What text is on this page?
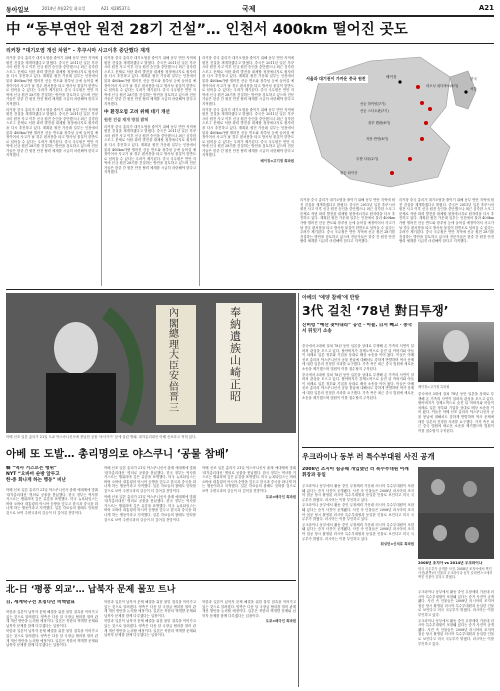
동아일보	2014년 4월22일 화요일	A21 제28537호	국제	A21
中 “동부연안 원전 28기 건설”… 인천서 400km 떨어진 곳도
리커창 “대기오염 개선 차원” – 후쿠시마 사고이후 중단했다 재개

리커창 중국 총리가 대기오염을 줄이기 위해 동부 연안 지역에 원전 건설을 재개하겠다고 밝혔다. 중국은 2011년 일본 후쿠시마 원전 사고 이후 신규 원전 승인을 중단했으나 최근 심각한 스모그 문제로 석탄 화력 발전을 대체할 청정에너지로 원자력을 다시 추진하고 있다. 계획된 원전 가운데 일부는 인천에서 불과 400km가량 떨어진 산둥 반도와 장쑤성 등에 들어설 예정이어서 사고가 날 경우 편서풍을 타고 방사성 물질이 한반도로 넘어올 수 있다는 우려가 제기된다. 중국 국무원은 연안 지역에 신규 원전 28기를 건설하는 방안을 검토하고 있으며 전문가들은 한중 간 원전 안전 협력 체계를 시급히 마련해야 한다고 지적했다.

리커창 중국 총리가 대기오염을 줄이기 위해 동부 연안 지역에 원전 건설을 재개하겠다고 밝혔다. 중국은 2011년 일본 후쿠시마 원전 사고 이후 신규 원전 승인을 중단했으나 최근 심각한 스모그 문제로 석탄 화력 발전을 대체할 청정에너지로 원자력을 다시 추진하고 있다. 계획된 원전 가운데 일부는 인천에서 불과 400km가량 떨어진 산둥 반도와 장쑤성 등에 들어설 예정이어서 사고가 날 경우 편서풍을 타고 방사성 물질이 한반도로 넘어올 수 있다는 우려가 제기된다. 중국 국무원은 연안 지역에 신규 원전 28기를 건설하는 방안을 검토하고 있으며 전문가들은 한중 간 원전 안전 협력 체계를 시급히 마련해야 한다고 지적했다.

리커창 중국 총리가 대기오염을 줄이기 위해 동부 연안 지역에 원전 건설을 재개하겠다고 밝혔다. 중국은 2011년 일본 후쿠시마 원전 사고 이후 신규 원전 승인을 중단했으나 최근 심각한 스모그 문제로 석탄 화력 발전을 대체할 청정에너지로 원자력을 다시 추진하고 있다. 계획된 원전 가운데 일부는 인천에서 불과 400km가량 떨어진 산둥 반도와 장쑤성 등에 들어설 예정이어서 사고가 날 경우 편서풍을 타고 방사성 물질이 한반도로 넘어올 수 있다는 우려가 제기된다. 중국 국무원은 연안 지역에 신규 원전 28기를 건설하는 방안을 검토하고 있으며 전문가들은 한중 간 원전 안전 협력 체계를 시급히 마련해야 한다고 지적했다.

中 환경오염 고려 위해 대기 개선
원전 건설 재개 방침 밝혀

리커창 중국 총리가 대기오염을 줄이기 위해 동부 연안 지역에 원전 건설을 재개하겠다고 밝혔다. 중국은 2011년 일본 후쿠시마 원전 사고 이후 신규 원전 승인을 중단했으나 최근 심각한 스모그 문제로 석탄 화력 발전을 대체할 청정에너지로 원자력을 다시 추진하고 있다. 계획된 원전 가운데 일부는 인천에서 불과 400km가량 떨어진 산둥 반도와 장쑤성 등에 들어설 예정이어서 사고가 날 경우 편서풍을 타고 방사성 물질이 한반도로 넘어올 수 있다는 우려가 제기된다. 중국 국무원은 연안 지역에 신규 원전 28기를 건설하는 방안을 검토하고 있으며 전문가들은 한중 간 원전 안전 협력 체계를 시급히 마련해야 한다고 지적했다.

리커창 중국 총리가 대기오염을 줄이기 위해 동부 연안 지역에 원전 건설을 재개하겠다고 밝혔다. 중국은 2011년 일본 후쿠시마 원전 사고 이후 신규 원전 승인을 중단했으나 최근 심각한 스모그 문제로 석탄 화력 발전을 대체할 청정에너지로 원자력을 다시 추진하고 있다. 계획된 원전 가운데 일부는 인천에서 불과 400km가량 떨어진 산둥 반도와 장쑤성 등에 들어설 예정이어서 사고가 날 경우 편서풍을 타고 방사성 물질이 한반도로 넘어올 수 있다는 우려가 제기된다. 중국 국무원은 연안 지역에 신규 원전 28기를 건설하는 방안을 검토하고 있으며 전문가들은 한중 간 원전 안전 협력 체계를 시급히 마련해야 한다고 지적했다.

리커창 중국 총리가 대기오염을 줄이기 위해 동부 연안 지역에 원전 건설을 재개하겠다고 밝혔다. 중국은 2011년 일본 후쿠시마 원전 사고 이후 신규 원전 승인을 중단했으나 최근 심각한 스모그 문제로 석탄 화력 발전을 대체할 청정에너지로 원자력을 다시 추진하고 있다. 계획된 원전 가운데 일부는 인천에서 불과 400km가량 떨어진 산둥 반도와 장쑤성 등에 들어설 예정이어서 사고가 날 경우 편서풍을 타고 방사성 물질이 한반도로 넘어올 수 있다는 우려가 제기된다. 중국 국무원은 연안 지역에 신규 원전 28기를 건설하는 방안을 검토하고 있으며 전문가들은 한중 간 원전 안전 협력 체계를 시급히 마련해야 한다고 지적했다.

베이징=고기정 특파원

서울과 대기권이 가까운 중국 원전	베이징	한국
서울
랴오닝 쉬다바오(6기)
산둥 하이양(7기)
산둥 스다오완(7기)
장쑤 톈완(6기)
저장 싼먼(6기)
푸젠 샤푸(2기)
광둥 타이산

리커창 중국 총리가 대기오염을 줄이기 위해 동부 연안 지역에 원전 건설을 재개하겠다고 밝혔다. 중국은 2011년 일본 후쿠시마 원전 사고 이후 신규 원전 승인을 중단했으나 최근 심각한 스모그 문제로 석탄 화력 발전을 대체할 청정에너지로 원자력을 다시 추진하고 있다. 계획된 원전 가운데 일부는 인천에서 불과 400km가량 떨어진 산둥 반도와 장쑤성 등에 들어설 예정이어서 사고가 날 경우 편서풍을 타고 방사성 물질이 한반도로 넘어올 수 있다는 우려가 제기된다. 중국 국무원은 연안 지역에 신규 원전 28기를 건설하는 방안을 검토하고 있으며 전문가들은 한중 간 원전 안전 협력 체계를 시급히 마련해야 한다고 지적했다.

리커창 중국 총리가 대기오염을 줄이기 위해 동부 연안 지역에 원전 건설을 재개하겠다고 밝혔다. 중국은 2011년 일본 후쿠시마 원전 사고 이후 신규 원전 승인을 중단했으나 최근 심각한 스모그 문제로 석탄 화력 발전을 대체할 청정에너지로 원자력을 다시 추진하고 있다. 계획된 원전 가운데 일부는 인천에서 불과 400km가량 떨어진 산둥 반도와 장쑤성 등에 들어설 예정이어서 사고가 날 경우 편서풍을 타고 방사성 물질이 한반도로 넘어올 수 있다는 우려가 제기된다. 중국 국무원은 연안 지역에 신규 원전 28기를 건설하는 방안을 검토하고 있으며 전문가들은 한중 간 원전 안전 협력 체계를 시급히 마련해야 한다고 지적했다.

內閣總理大臣 安倍晋三
奉納 遺族 山崎正昭
아베 신조 일본 총리가 21일 도쿄 야스쿠니신사에 봉납한 공물 '마사카키' 앞에 걸린 명패. 내각총리대신 아베 신조라고 적혀 있다.
아베 또 도발… 총리명의로 야스쿠니 ‘공물 참배’
韓 “역사 거스르는 행위”
NYT “오바마 순방 앞두고
한·중 화나게 하는 행동” 비난

아베 신조 일본 총리가 21일 야스쿠니신사 춘계 예대제에 맞춰 '내각총리대신' 명의로 공물을 봉납했다. 한국 정부는 역사를 거스르는 행위라며 깊은 유감을 표명했다. 미국 뉴욕타임스는 버락 오바마 대통령의 아시아 순방을 앞두고 한국과 중국을 화나게 하는 행동이라고 지적했다. 일본 각료들의 참배도 잇따를 것으로 보여 주변국과의 갈등이 더 깊어질 전망이다.

아베 신조 일본 총리가 21일 야스쿠니신사 춘계 예대제에 맞춰 '내각총리대신' 명의로 공물을 봉납했다. 한국 정부는 역사를 거스르는 행위라며 깊은 유감을 표명했다. 미국 뉴욕타임스는 버락 오바마 대통령의 아시아 순방을 앞두고 한국과 중국을 화나게 하는 행동이라고 지적했다. 일본 각료들의 참배도 잇따를 것으로 보여 주변국과의 갈등이 더 깊어질 전망이다.

아베 신조 일본 총리가 21일 야스쿠니신사 춘계 예대제에 맞춰 '내각총리대신' 명의로 공물을 봉납했다. 한국 정부는 역사를 거스르는 행위라며 깊은 유감을 표명했다. 미국 뉴욕타임스는 버락 오바마 대통령의 아시아 순방을 앞두고 한국과 중국을 화나게 하는 행동이라고 지적했다. 일본 각료들의 참배도 잇따를 것으로 보여 주변국과의 갈등이 더 깊어질 전망이다.

아베 신조 일본 총리가 21일 야스쿠니신사 춘계 예대제에 맞춰 '내각총리대신' 명의로 공물을 봉납했다. 한국 정부는 역사를 거스르는 행위라며 깊은 유감을 표명했다. 미국 뉴욕타임스는 버락 오바마 대통령의 아시아 순방을 앞두고 한국과 중국을 화나게 하는 행동이라고 지적했다. 일본 각료들의 참배도 잇따를 것으로 보여 주변국과의 갈등이 더 깊어질 전망이다.

도쿄=배극인 특파원

北-日 ‘평풍 외교’… 납북자 문제 물꼬 트나
日, 세계탁구선 호칭다던 비핵발표

북한과 일본이 납북자 문제 해결을 위한 물밑 접촉을 이어가고 있는 것으로 알려졌다. 양측은 다음 달 국장급 협의를 열어 관계 개선 방안을 논의할 예정이다. 일본은 북한의 핵개발 문제와 납북자 문제를 함께 다루겠다는 입장이다.

북한과 일본이 납북자 문제 해결을 위한 물밑 접촉을 이어가고 있는 것으로 알려졌다. 양측은 다음 달 국장급 협의를 열어 관계 개선 방안을 논의할 예정이다. 일본은 북한의 핵개발 문제와 납북자 문제를 함께 다루겠다는 입장이다.

북한과 일본이 납북자 문제 해결을 위한 물밑 접촉을 이어가고 있는 것으로 알려졌다. 양측은 다음 달 국장급 협의를 열어 관계 개선 방안을 논의할 예정이다. 일본은 북한의 핵개발 문제와 납북자 문제를 함께 다루겠다는 입장이다.

북한과 일본이 납북자 문제 해결을 위한 물밑 접촉을 이어가고 있는 것으로 알려졌다. 양측은 다음 달 국장급 협의를 열어 관계 개선 방안을 논의할 예정이다. 일본은 북한의 핵개발 문제와 납북자 문제를 함께 다루겠다는 입장이다.

북한과 일본이 납북자 문제 해결을 위한 물밑 접촉을 이어가고 있는 것으로 알려졌다. 양측은 다음 달 국장급 협의를 열어 관계 개선 방안을 논의할 예정이다. 일본은 북한의 핵개발 문제와 납북자 문제를 함께 다루겠다는 입장이다.

도쿄=배극인 특파원

아베의 ‘예양 참배’에 반발
3代 걸친 ‘78년 對日투쟁’
신버령 “예산 찾아내라” 공언 · 아들, 日서 빼고 · 중국서 뒤잇기 소송
베이징=고기정 특파원

중국에서 3대에 걸쳐 78년 동안 일본을 상대로 투쟁해 온 가족의 사연이 알려져 관심을 모으고 있다. 할아버지가 강제노역으로 숨진 뒤 아버지와 아들이 차례로 일본 정부와 기업을 상대로 배상 소송을 이어 왔다. 이들은 아베 신조 총리의 야스쿠니신사 공물 봉납에 대해서도 강하게 반발하며 역사 문제에 대한 일본의 진정한 사과를 요구했다. 가족 측은 최근 중국 법원에 새로운 소송을 제기했으며 법원이 이를 접수할지 주목된다.

중국에서 3대에 걸쳐 78년 동안 일본을 상대로 투쟁해 온 가족의 사연이 알려져 관심을 모으고 있다. 할아버지가 강제노역으로 숨진 뒤 아버지와 아들이 차례로 일본 정부와 기업을 상대로 배상 소송을 이어 왔다. 이들은 아베 신조 총리의 야스쿠니신사 공물 봉납에 대해서도 강하게 반발하며 역사 문제에 대한 일본의 진정한 사과를 요구했다. 가족 측은 최근 중국 법원에 새로운 소송을 제기했으며 법원이 이를 접수할지 주목된다.

중국에서 3대에 걸쳐 78년 동안 일본을 상대로 투쟁해 온 가족의 사연이 알려져 관심을 모으고 있다. 할아버지가 강제노역으로 숨진 뒤 아버지와 아들이 차례로 일본 정부와 기업을 상대로 배상 소송을 이어 왔다. 이들은 아베 신조 총리의 야스쿠니신사 공물 봉납에 대해서도 강하게 반발하며 역사 문제에 대한 일본의 진정한 사과를 요구했다. 가족 측은 최근 중국 법원에 새로운 소송을 제기했으며 법원이 이를 접수할지 주목된다.

우크라이나 동부 러 특수부대원 사진 공개
2008년 조지아 침공때 개입했던 러 특수부대원 어깨 휘장과 동일

우크라이나 동부에서 활동 중인 무장세력 가운데 러시아 특수부대원이 포함돼 있다는 증거 사진이 공개됐다. 사진 속 인물들은 2008년 러시아의 조지아 침공 당시 촬영된 러시아 특수부대원과 동일한 인물로 보인다고 미국 국무부가 밝혔다. 러시아는 이를 부인하고 있다.

우크라이나 동부에서 활동 중인 무장세력 가운데 러시아 특수부대원이 포함돼 있다는 증거 사진이 공개됐다. 사진 속 인물들은 2008년 러시아의 조지아 침공 당시 촬영된 러시아 특수부대원과 동일한 인물로 보인다고 미국 국무부가 밝혔다. 러시아는 이를 부인하고 있다.

우크라이나 동부에서 활동 중인 무장세력 가운데 러시아 특수부대원이 포함돼 있다는 증거 사진이 공개됐다. 사진 속 인물들은 2008년 러시아의 조지아 침공 당시 촬영된 러시아 특수부대원과 동일한 인물로 보인다고 미국 국무부가 밝혔다. 러시아는 이를 부인하고 있다.

워싱턴=신석호 특파원

2008년 조지아 vs 2014년 우크라이나
미국 국무부가 공개한 사진. 2008년 조지아에서 찍힌 사진(왼쪽)의 인물과 우크라이나 동부 슬라뱐스크에서 찍힌 인물이 같다고 밝혔다.

우크라이나 동부에서 활동 중인 무장세력 가운데 러시아 특수부대원이 포함돼 있다는 증거 사진이 공개됐다. 사진 속 인물들은 2008년 러시아의 조지아 침공 당시 촬영된 러시아 특수부대원과 동일한 인물로 보인다고 미국 국무부가 밝혔다. 러시아는 이를 부인하고 있다.

우크라이나 동부에서 활동 중인 무장세력 가운데 러시아 특수부대원이 포함돼 있다는 증거 사진이 공개됐다. 사진 속 인물들은 2008년 러시아의 조지아 침공 당시 촬영된 러시아 특수부대원과 동일한 인물로 보인다고 미국 국무부가 밝혔다. 러시아는 이를 부인하고 있다.
